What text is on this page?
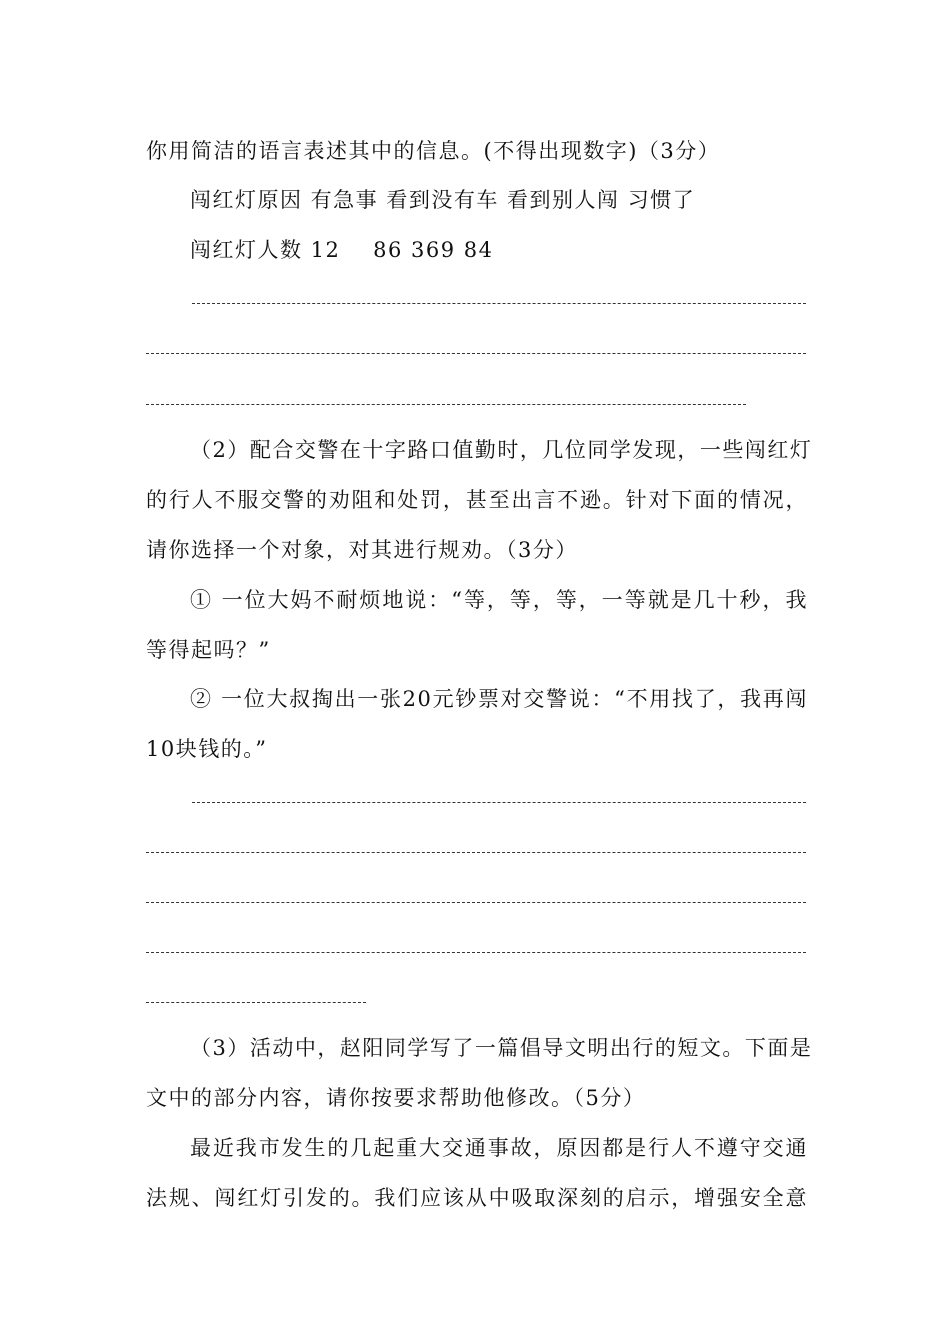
你用简洁的语言表述其中的信息。(不得出现数字)（3分）
闯红灯原因 有急事 看到没有车 看到别人闯 习惯了
闯红灯人数 12    86 369 84
（2）配合交警在十字路口值勤时，几位同学发现，一些闯红灯
的行人不服交警的劝阻和处罚，甚至出言不逊。针对下面的情况，
请你选择一个对象，对其进行规劝。（3分）
① 一位大妈不耐烦地说：“等，等，等，一等就是几十秒，我
等得起吗？”
② 一位大叔掏出一张20元钞票对交警说：“不用找了，我再闯
10块钱的。”
（3）活动中，赵阳同学写了一篇倡导文明出行的短文。下面是
文中的部分内容，请你按要求帮助他修改。（5分）
最近我市发生的几起重大交通事故，原因都是行人不遵守交通
法规、闯红灯引发的。我们应该从中吸取深刻的启示，增强安全意
